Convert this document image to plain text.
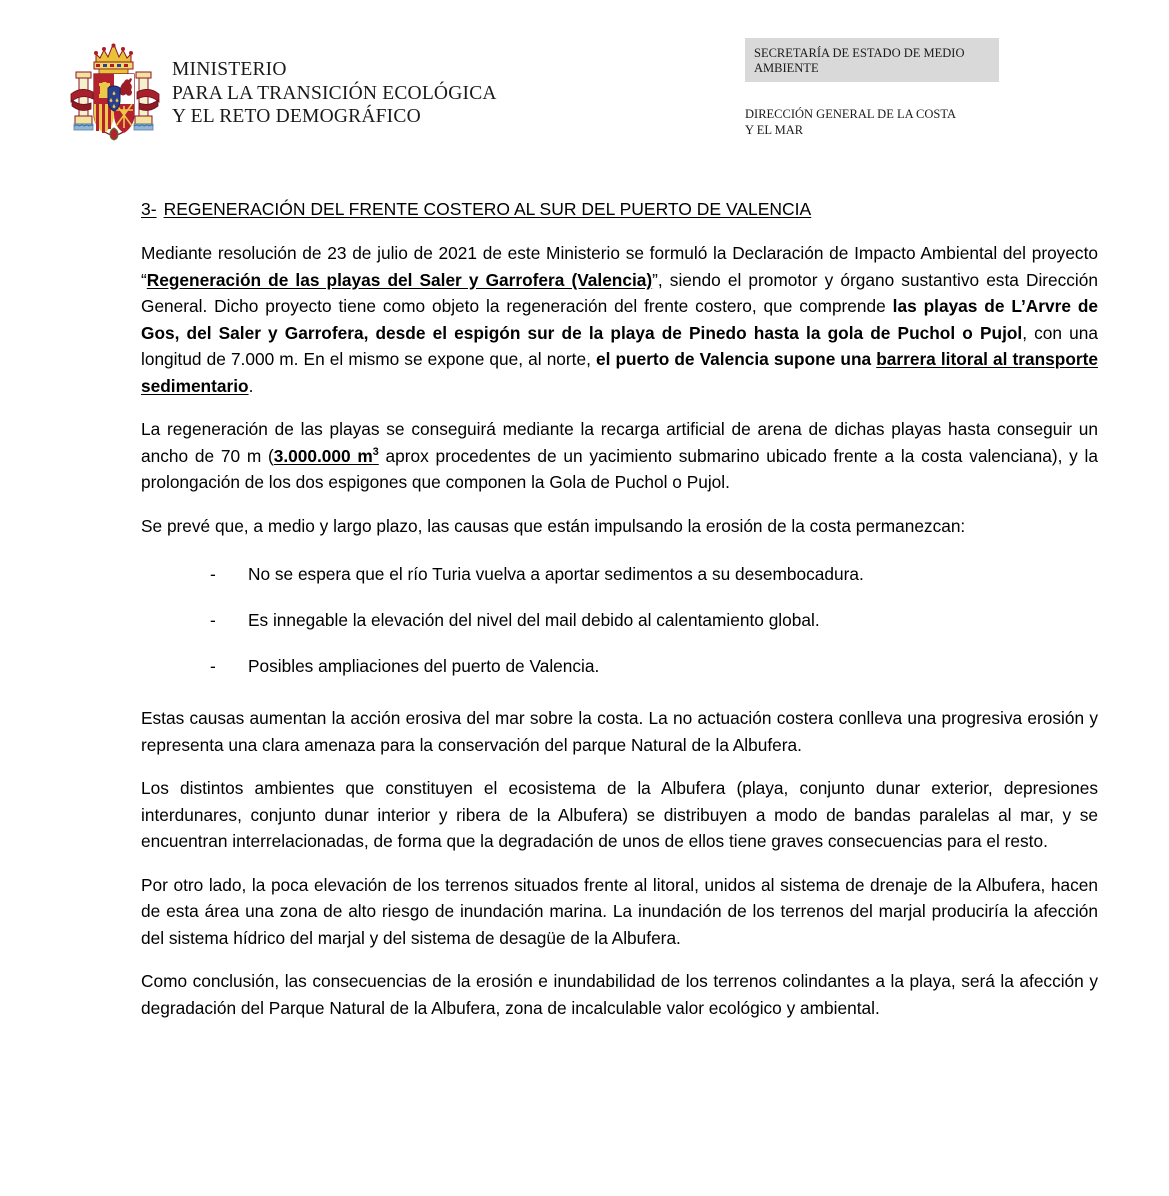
MINISTERIO
PARA LA TRANSICIÓN ECOLÓGICA
Y EL RETO DEMOGRÁFICO
SECRETARÍA DE ESTADO DE MEDIO
AMBIENTE
DIRECCIÓN GENERAL DE LA COSTA
Y EL MAR
3- REGENERACIÓN DEL FRENTE COSTERO AL SUR DEL PUERTO DE VALENCIA

Mediante resolución de 23 de julio de 2021 de este Ministerio se formuló la Declaración de Impacto Ambiental del proyecto “Regeneración de las playas del Saler y Garrofera (Valencia)”, siendo el promotor y órgano sustantivo esta Dirección General. Dicho proyecto tiene como objeto la regeneración del frente costero, que comprende las playas de L’Arvre de Gos, del Saler y Garrofera, desde el espigón sur de la playa de Pinedo hasta la gola de Puchol o Pujol, con una longitud de 7.000 m. En el mismo se expone que, al norte, el puerto de Valencia supone una barrera litoral al transporte sedimentario.

La regeneración de las playas se conseguirá mediante la recarga artificial de arena de dichas playas hasta conseguir un ancho de 70 m (3.000.000 $m^3$ aprox procedentes de un yacimiento submarino ubicado frente a la costa valenciana), y la prolongación de los dos espigones que componen la Gola de Puchol o Pujol.

Se prevé que, a medio y largo plazo, las causas que están impulsando la erosión de la costa permanezcan:

- No se espera que el río Turia vuelva a aportar sedimentos a su desembocadura.
- Es innegable la elevación del nivel del mail debido al calentamiento global.
- Posibles ampliaciones del puerto de Valencia.

Estas causas aumentan la acción erosiva del mar sobre la costa. La no actuación costera conlleva una progresiva erosión y representa una clara amenaza para la conservación del parque Natural de la Albufera.

Los distintos ambientes que constituyen el ecosistema de la Albufera (playa, conjunto dunar exterior, depresiones interdunares, conjunto dunar interior y ribera de la Albufera) se distribuyen a modo de bandas paralelas al mar, y se encuentran interrelacionadas, de forma que la degradación de unos de ellos tiene graves consecuencias para el resto.

Por otro lado, la poca elevación de los terrenos situados frente al litoral, unidos al sistema de drenaje de la Albufera, hacen de esta área una zona de alto riesgo de inundación marina. La inundación de los terrenos del marjal produciría la afección del sistema hídrico del marjal y del sistema de desagüe de la Albufera.

Como conclusión, las consecuencias de la erosión e inundabilidad de los terrenos colindantes a la playa, será la afección y degradación del Parque Natural de la Albufera, zona de incalculable valor ecológico y ambiental.
